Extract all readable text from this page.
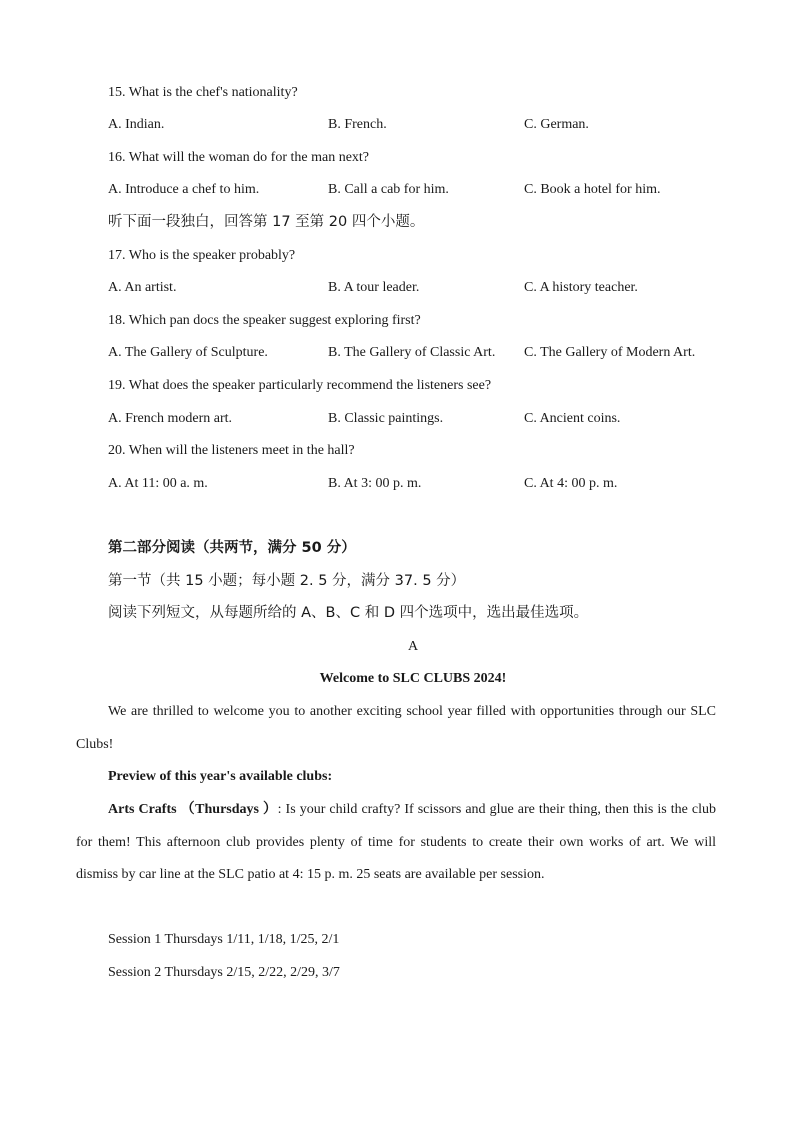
15. What is the chef's nationality?
A. Indian.	B. French.	C. German.
16. What will the woman do for the man next?
A. Introduce a chef to him.	B. Call a cab for him.	C. Book a hotel for him.
听下面一段独白，回答第 17 至第 20 四个小题。
17. Who is the speaker probably?
A. An artist.	B. A tour leader.	C. A history teacher.
18. Which pan docs the speaker suggest exploring first?
A. The Gallery of Sculpture.	B. The Gallery of Classic Art. C. The Gallery of Modern Art.
19. What does the speaker particularly recommend the listeners see?
A. French modern art.	B. Classic paintings.	C. Ancient coins.
20. When will the listeners meet in the hall?
A. At 11: 00 a. m.	B. At 3: 00 p. m.	C. At 4: 00 p. m.
第二部分阅读（共两节，满分 50 分）
第一节（共 15 小题；每小题 2. 5 分，满分 37. 5 分）
阅读下列短文，从每题所给的 A、B、C 和 D 四个选项中，选出最佳选项。
A
Welcome to SLC CLUBS 2024!
We are thrilled to welcome you to another exciting school year filled with opportunities through our SLC Clubs!
Preview of this year's available clubs:
Arts Crafts （Thursdays ）: Is your child crafty? If scissors and glue are their thing, then this is the club for them! This afternoon club provides plenty of time for students to create their own works of art. We will dismiss by car line at the SLC patio at 4: 15 p. m. 25 seats are available per session.
Session 1 Thursdays 1/11, 1/18, 1/25, 2/1
Session 2 Thursdays 2/15, 2/22, 2/29, 3/7
